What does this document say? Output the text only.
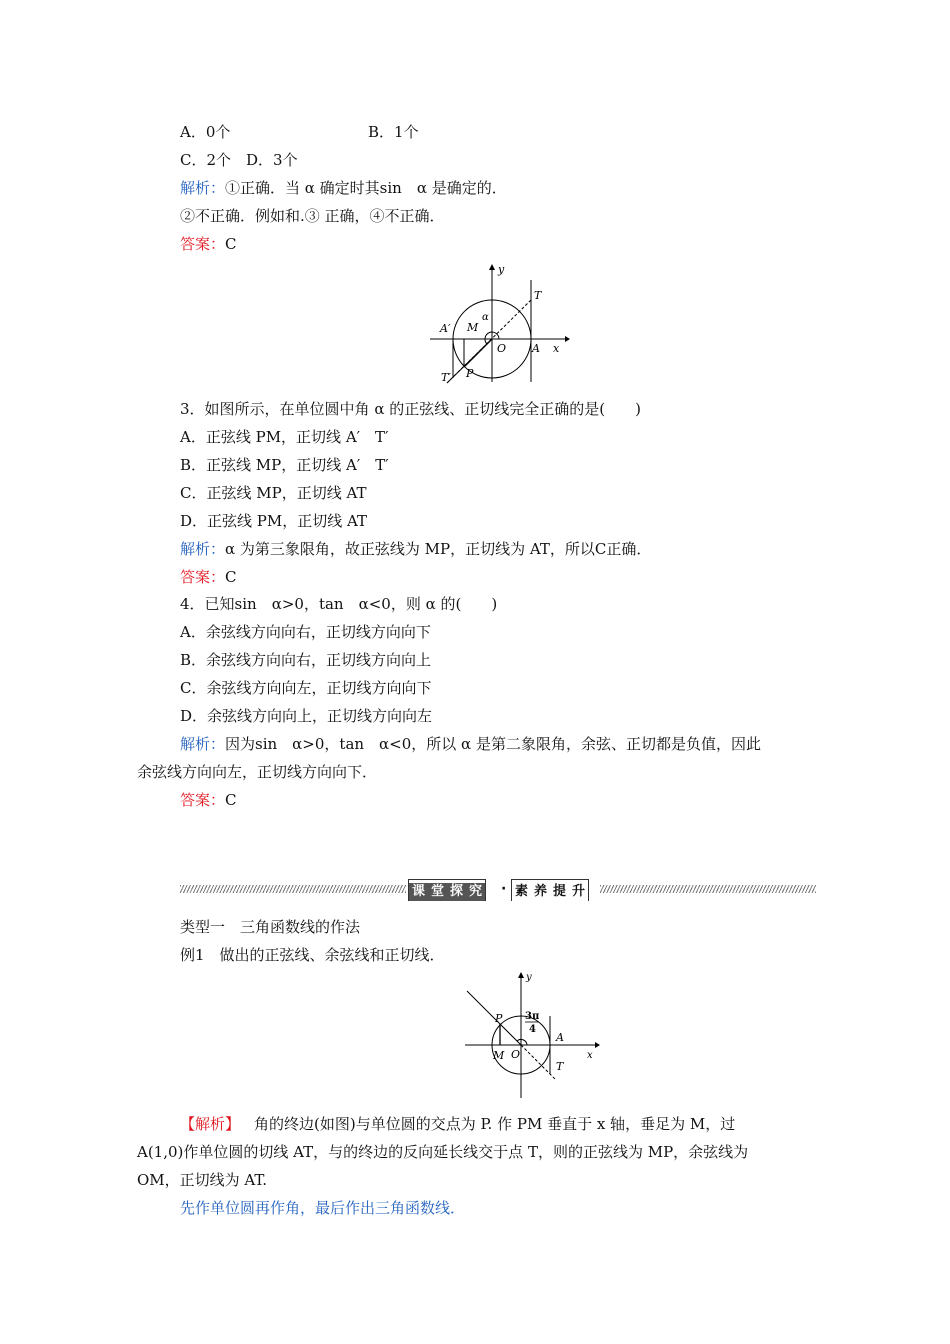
A．0个	B．1个
C．2个　D．3个
解析：①正确．当 α 确定时其sin　α 是确定的．
②不正确．例如和.③ 正确，④不正确．
答案：C
y
x
T
A′ M
α
O A
T′ P
3．如图所示，在单位圆中角 α 的正弦线、正切线完全正确的是(　　)
A．正弦线 PM，正切线 A′　T′
B．正弦线 MP，正切线 A′　T′
C．正弦线 MP，正切线 AT
D．正弦线 PM，正切线 AT
解析：α 为第三象限角，故正弦线为 MP，正切线为 AT，所以C正确．
答案：C
4．已知sin　α>0，tan　α<0，则 α 的(　　)
A．余弦线方向向右，正切线方向向下
B．余弦线方向向右，正切线方向向上
C．余弦线方向向左，正切线方向向下
D．余弦线方向向上，正切线方向向左
解析：因为sin　α>0，tan　α<0，所以 α 是第二象限角，余弦、正切都是负值，因此
余弦线方向向左，正切线方向向下．
答案：C
课 堂 探 究 · 素 养 提 升
类型一　三角函数线的作法
例1　做出的正弦线、余弦线和正切线．
y
x
P
M O
A
T
3π
4
【解析】 角的终边(如图)与单位圆的交点为 P. 作 PM 垂直于 x 轴，垂足为 M，过
A(1,0)作单位圆的切线 AT，与的终边的反向延长线交于点 T，则的正弦线为 MP，余弦线为
OM，正切线为 AT.
先作单位圆再作角，最后作出三角函数线．
